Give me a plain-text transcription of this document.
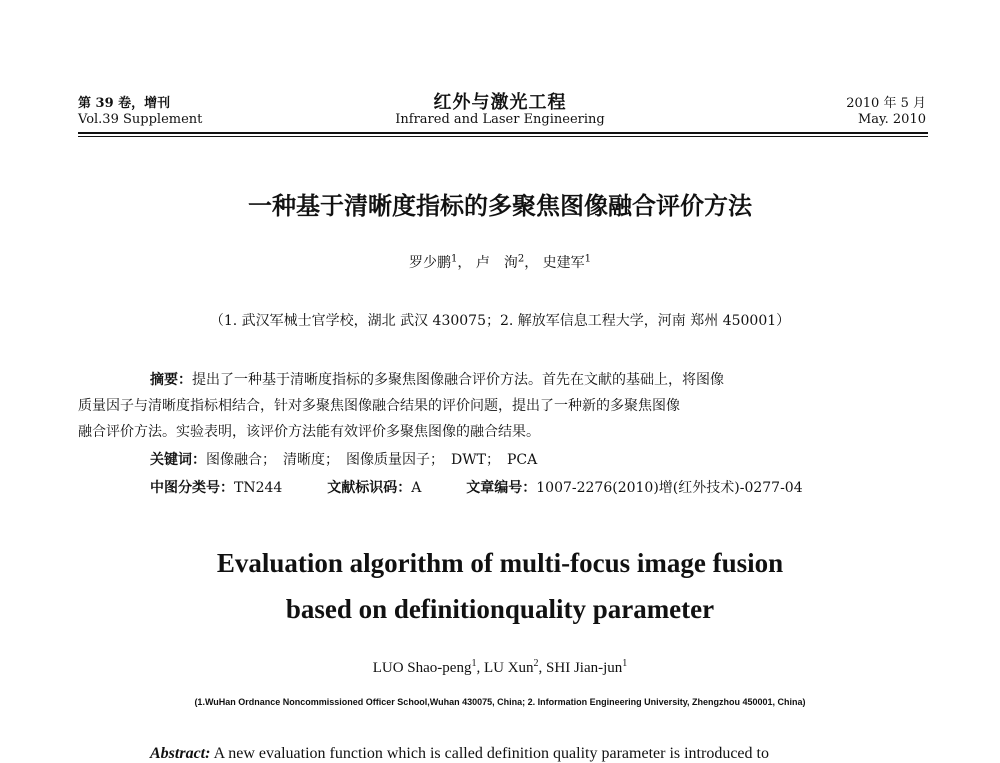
第 39 卷，增刊
Vol.39 Supplement
红外与激光工程
Infrared and Laser Engineering
2010 年 5 月
May. 2010
一种基于清晰度指标的多聚焦图像融合评价方法
罗少鹏$^1$， 卢　洵$^2$， 史建军$^1$
（1. 武汉军械士官学校，湖北 武汉 430075；2. 解放军信息工程大学，河南 郑州 450001）
摘要：提出了一种基于清晰度指标的多聚焦图像融合评价方法。首先在文献的基础上，将图像
质量因子与清晰度指标相结合，针对多聚焦图像融合结果的评价问题，提出了一种新的多聚焦图像
融合评价方法。实验表明，该评价方法能有效评价多聚焦图像的融合结果。
关键词：图像融合；　清晰度；　图像质量因子；　DWT；　PCA
中图分类号：TN244	文献标识码：A	文章编号：1007-2276(2010)增(红外技术)-0277-04
Evaluation algorithm of multi-focus image fusion
based on definitionquality parameter
LUO Shao-peng$^1$, LU Xun$^2$, SHI Jian-jun$^1$
(1.WuHan Ordnance Noncommissioned Officer School,Wuhan 430075, China; 2. Information Engineering University, Zhengzhou 450001, China)
Abstract: A new evaluation function which is called definition quality parameter is introduced to
